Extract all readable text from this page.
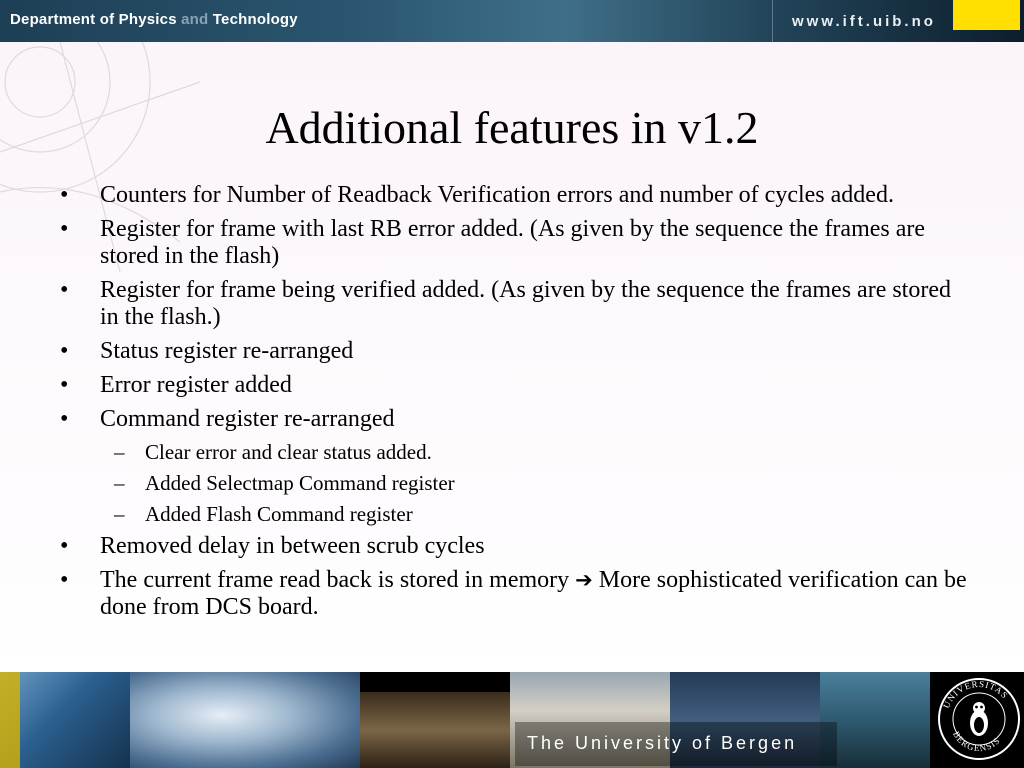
Department of Physics and Technology	www.ift.uib.no
Additional features in v1.2
• Counters for Number of Readback Verification errors and number of cycles added.
• Register for frame with last RB error added. (As given by the sequence the frames are stored in the flash)
• Register for frame being verified added. (As given by the sequence the frames are stored in the flash.)
• Status register re-arranged
• Error register added
• Command register re-arranged
– Clear error and clear status added.
– Added Selectmap Command register
– Added Flash Command register
• Removed delay in between scrub cycles
• The current frame read back is stored in memory ➔ More sophisticated verification can be done from DCS board.
The University of Bergen
UNIVERSITAS
BERGENSIS
